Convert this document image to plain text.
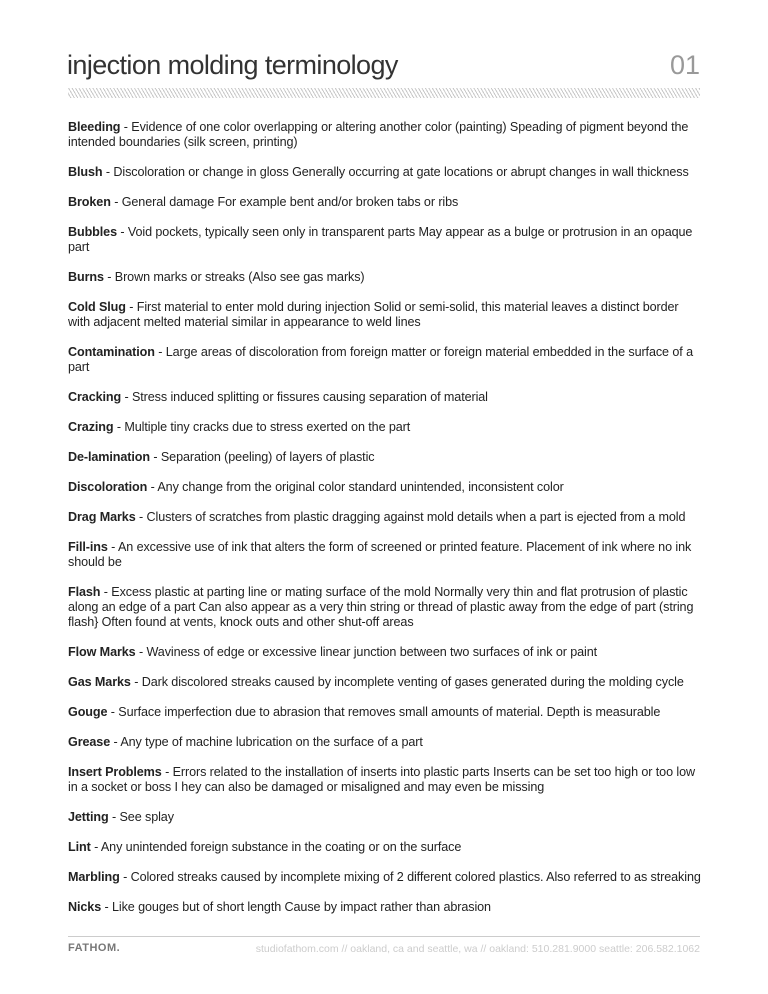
injection molding terminology	01

Bleeding - Evidence of one color overlapping or altering another color (painting) Speading of pigment beyond the intended boundaries (silk screen, printing)

Blush - Discoloration or change in gloss Generally occurring at gate locations or abrupt changes in wall thickness

Broken - General damage For example bent and/or broken tabs or ribs

Bubbles - Void pockets, typically seen only in transparent parts May appear as a bulge or protrusion in an opaque part

Burns - Brown marks or streaks (Also see gas marks)

Cold Slug - First material to enter mold during injection Solid or semi-solid, this material leaves a distinct border with adjacent melted material similar in appearance to weld lines

Contamination - Large areas of discoloration from foreign matter or foreign material embedded in the surface of a part

Cracking - Stress induced splitting or fissures causing separation of material

Crazing - Multiple tiny cracks due to stress exerted on the part

De-lamination - Separation (peeling) of layers of plastic

Discoloration - Any change from the original color standard unintended, inconsistent color

Drag Marks - Clusters of scratches from plastic dragging against mold details when a part is ejected from a mold

Fill-ins - An excessive use of ink that alters the form of screened or printed feature. Placement of ink where no ink should be

Flash - Excess plastic at parting line or mating surface of the mold Normally very thin and flat protrusion of plastic along an edge of a part Can also appear as a very thin string or thread of plastic away from the edge of part (string flash} Often found at vents, knock outs and other shut-off areas

Flow Marks - Waviness of edge or excessive linear junction between two surfaces of ink or paint

Gas Marks - Dark discolored streaks caused by incomplete venting of gases generated during the molding cycle

Gouge - Surface imperfection due to abrasion that removes small amounts of material. Depth is measurable

Grease - Any type of machine lubrication on the surface of a part

Insert Problems - Errors related to the installation of inserts into plastic parts Inserts can be set too high or too low in a socket or boss I hey can also be damaged or misaligned and may even be missing

Jetting - See splay

Lint - Any unintended foreign substance in the coating or on the surface

Marbling - Colored streaks caused by incomplete mixing of 2 different colored plastics. Also referred to as streaking

Nicks - Like gouges but of short length Cause by impact rather than abrasion

FATHOM.	studiofathom.com // oakland, ca and seattle, wa // oakland: 510.281.9000 seattle: 206.582.1062
